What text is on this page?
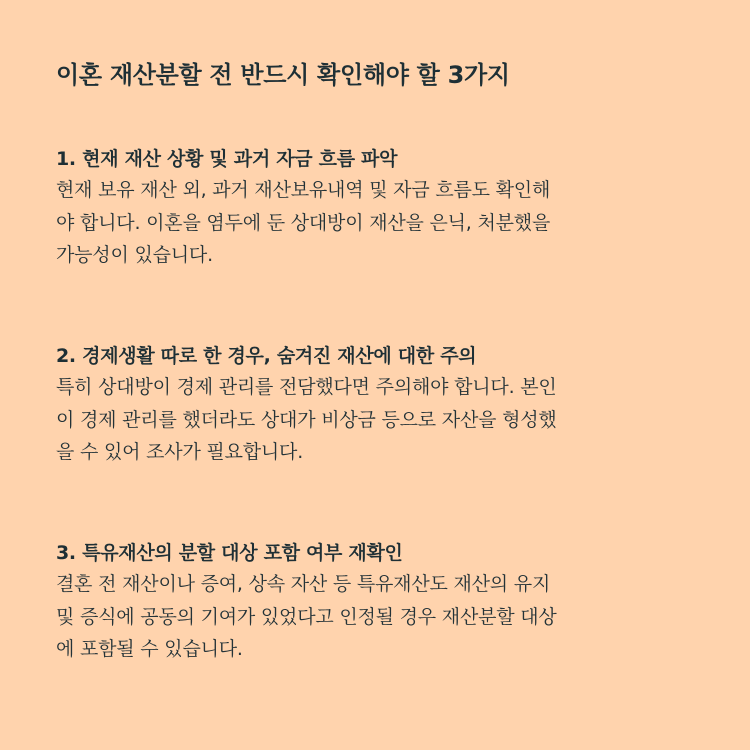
이혼 재산분할 전 반드시 확인해야 할 3가지
1. 현재 재산 상황 및 과거 자금 흐름 파악

현재 보유 재산 외, 과거 재산보유내역 및 자금 흐름도 확인해

야 합니다. 이혼을 염두에 둔 상대방이 재산을 은닉, 처분했을

가능성이 있습니다.

2. 경제생활 따로 한 경우, 숨겨진 재산에 대한 주의

특히 상대방이 경제 관리를 전담했다면 주의해야 합니다. 본인

이 경제 관리를 했더라도 상대가 비상금 등으로 자산을 형성했

을 수 있어 조사가 필요합니다.

3. 특유재산의 분할 대상 포함 여부 재확인

결혼 전 재산이나 증여, 상속 자산 등 특유재산도 재산의 유지

및 증식에 공동의 기여가 있었다고 인정될 경우 재산분할 대상

에 포함될 수 있습니다.
